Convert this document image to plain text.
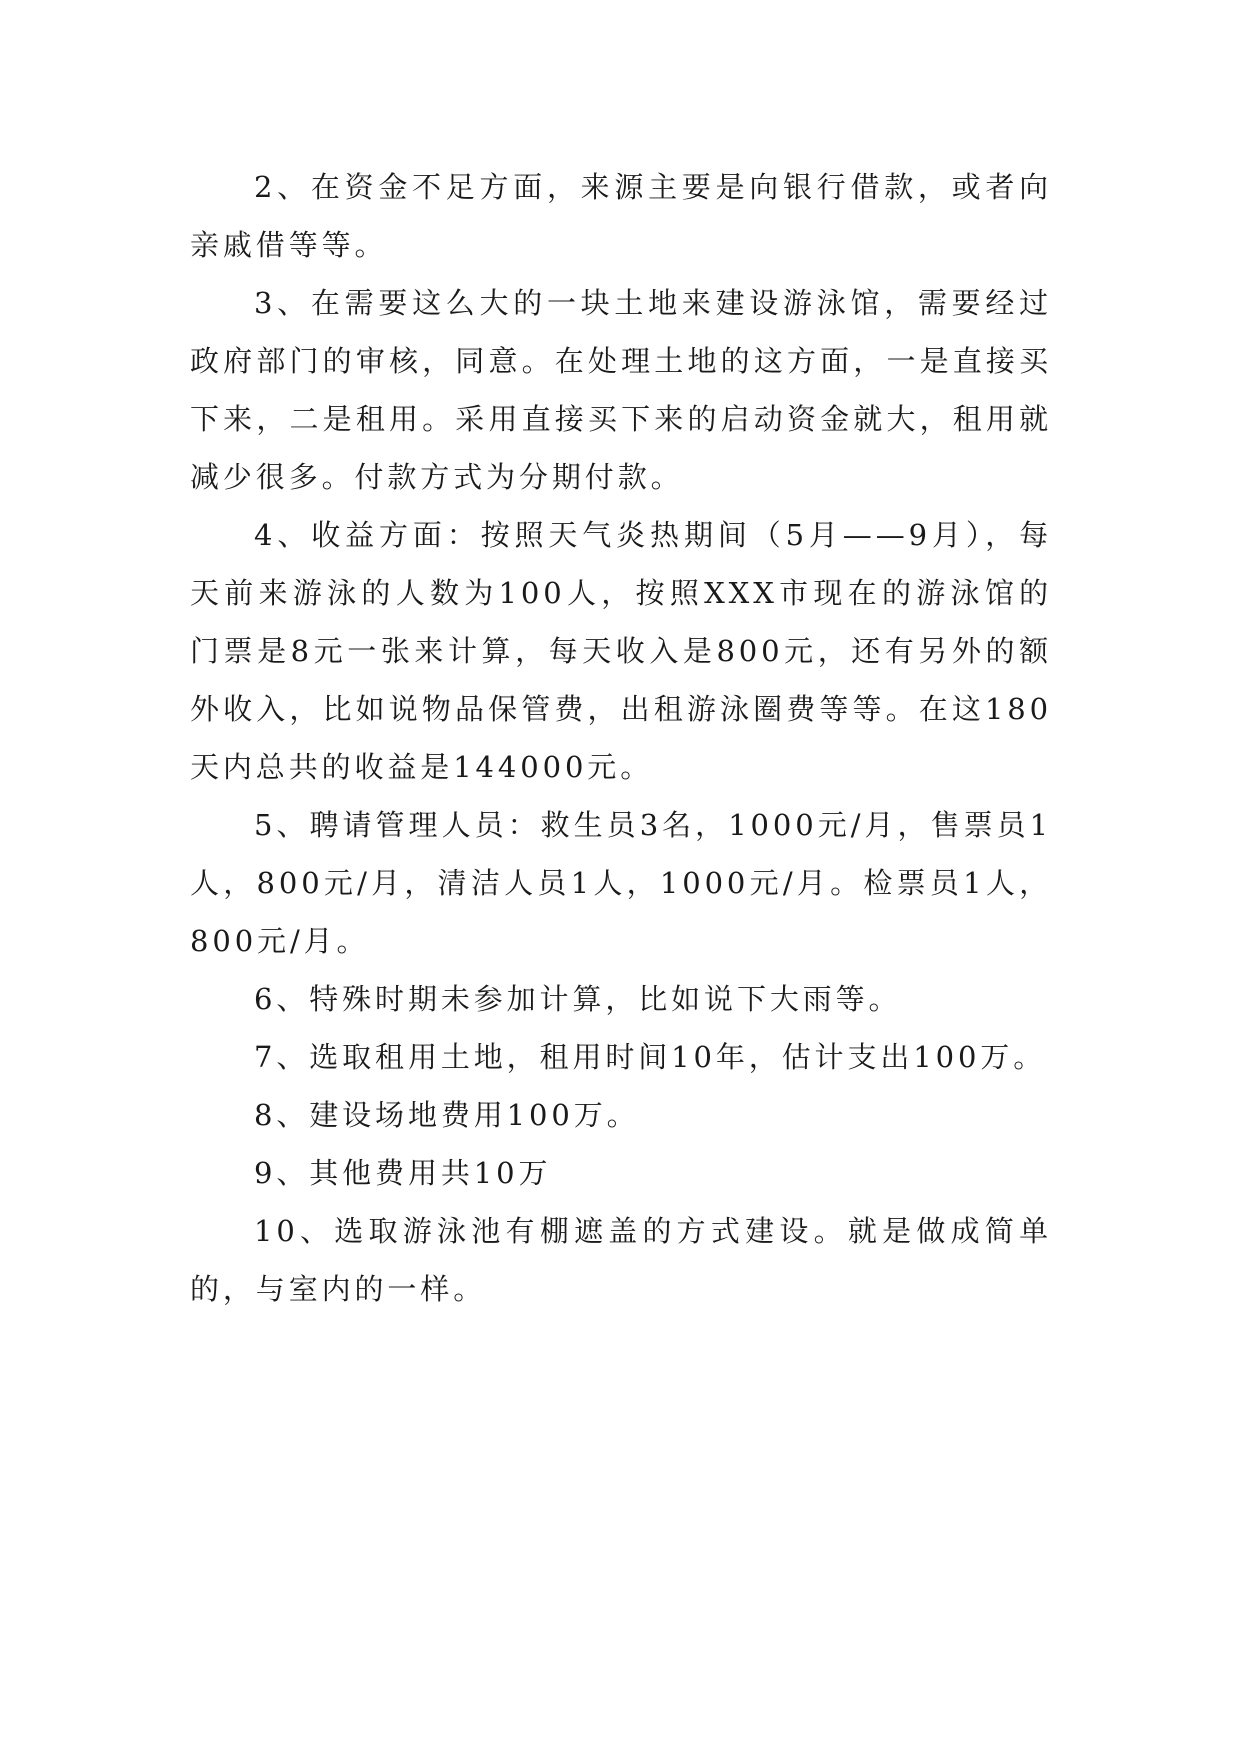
2、在资金不足方面，来源主要是向银行借款，或者向亲戚借等等。

3、在需要这么大的一块土地来建设游泳馆，需要经过政府部门的审核，同意。在处理土地的这方面，一是直接买下来，二是租用。采用直接买下来的启动资金就大，租用就减少很多。付款方式为分期付款。

4、收益方面：按照天气炎热期间（5月——9月），每天前来游泳的人数为100人，按照XXX市现在的游泳馆的门票是8元一张来计算，每天收入是800元，还有另外的额外收入，比如说物品保管费，出租游泳圈费等等。在这180天内总共的收益是144000元。

5、聘请管理人员：救生员3名，1000元/月，售票员1人，800元/月，清洁人员1人，1000元/月。检票员1人，800元/月。

6、特殊时期未参加计算，比如说下大雨等。

7、选取租用土地，租用时间10年，估计支出100万。

8、建设场地费用100万。

9、其他费用共10万

10、选取游泳池有棚遮盖的方式建设。就是做成简单的，与室内的一样。
